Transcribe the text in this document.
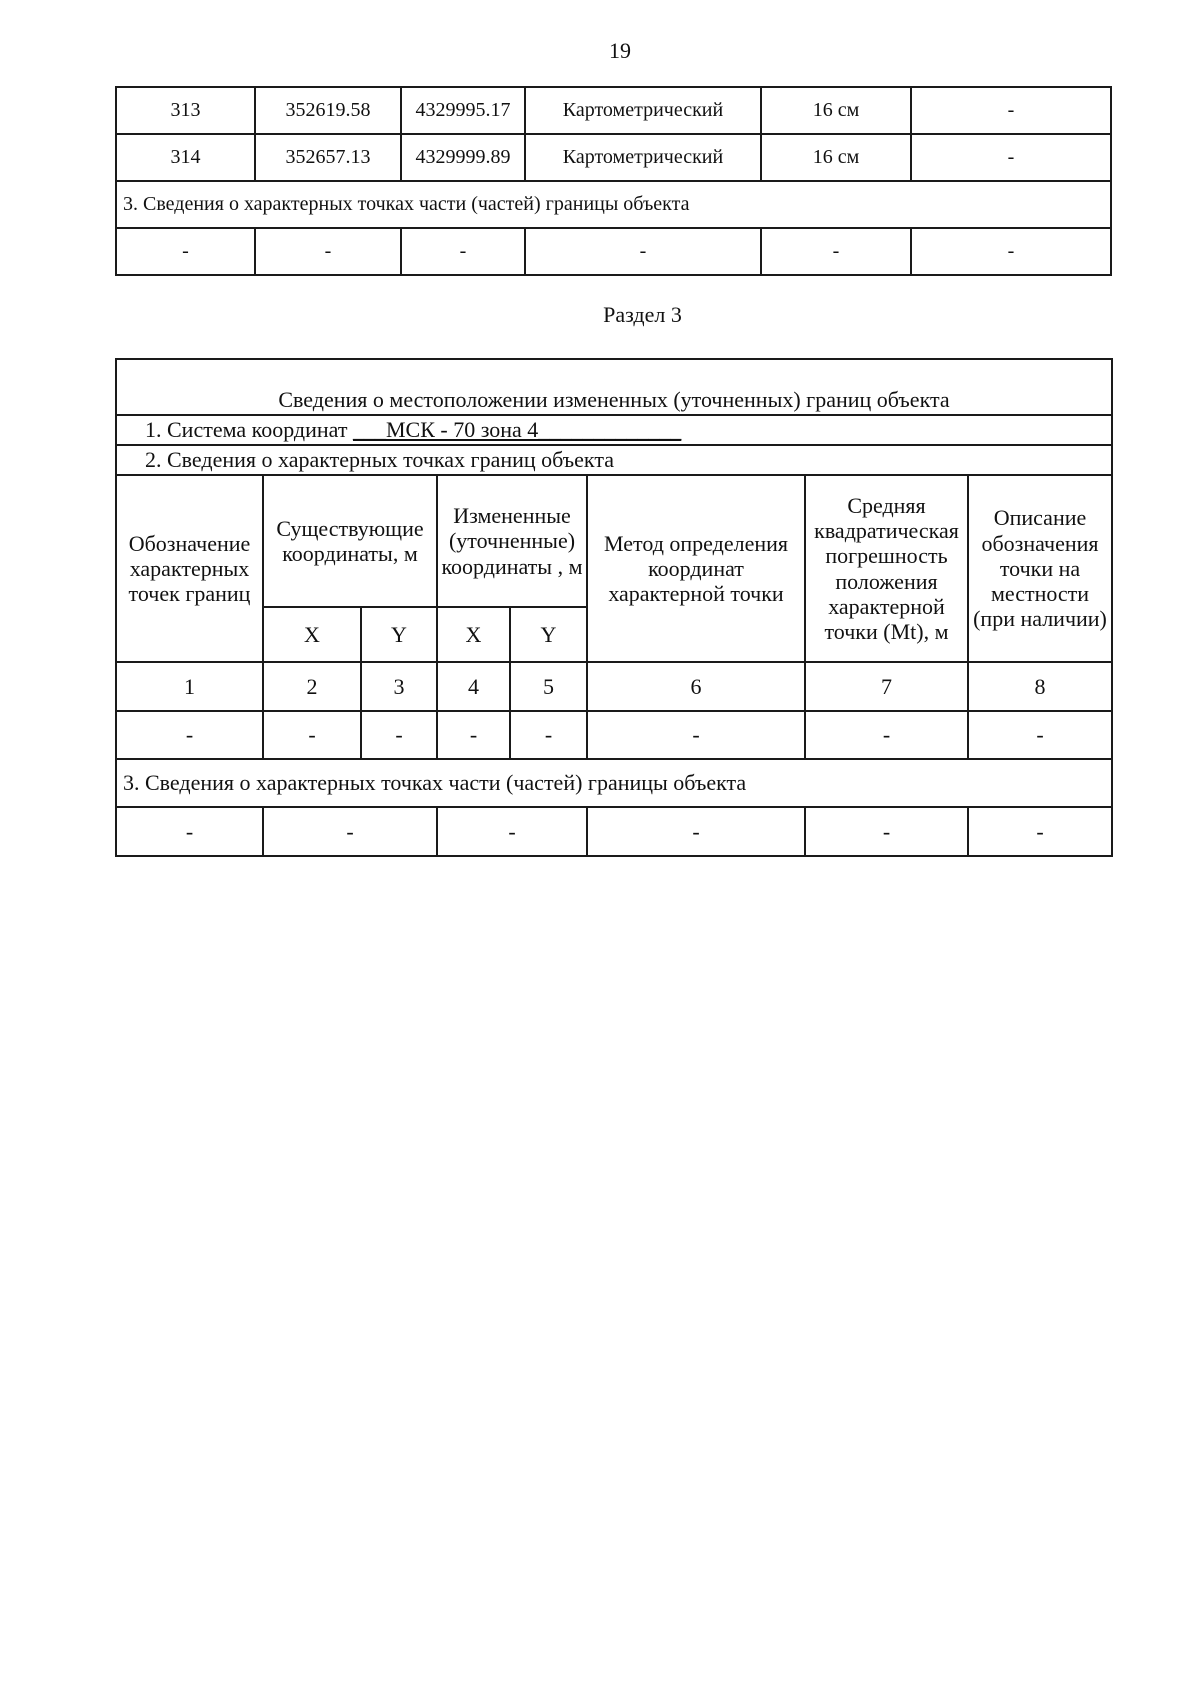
19
313	352619.58	4329995.17	Картометрический	16 см	-
314	352657.13	4329999.89	Картометрический	16 см	-
3. Сведения о характерных точках части (частей) границы объекта					
-	-	-	-	-	-
Раздел 3
Сведения о местоположении измененных (уточненных) границ объекта							
1. Система координат ___МСК - 70 зона 4_____________							
2. Сведения о характерных точках границ объекта							
Обозначение характерных точек границ	Существующие координаты, м		Измененные (уточненные) координаты , м		Метод определения координат характерной точки	Средняя квадратическая погрешность положения характерной точки (Mt), м	Описание обозначения точки на местности (при наличии)
	X	Y	X	Y			
1	2	3	4	5	6	7	8
-	-	-	-	-	-	-	-
3. Сведения о характерных точках части (частей) границы объекта							
-	-		-		-	-	-
